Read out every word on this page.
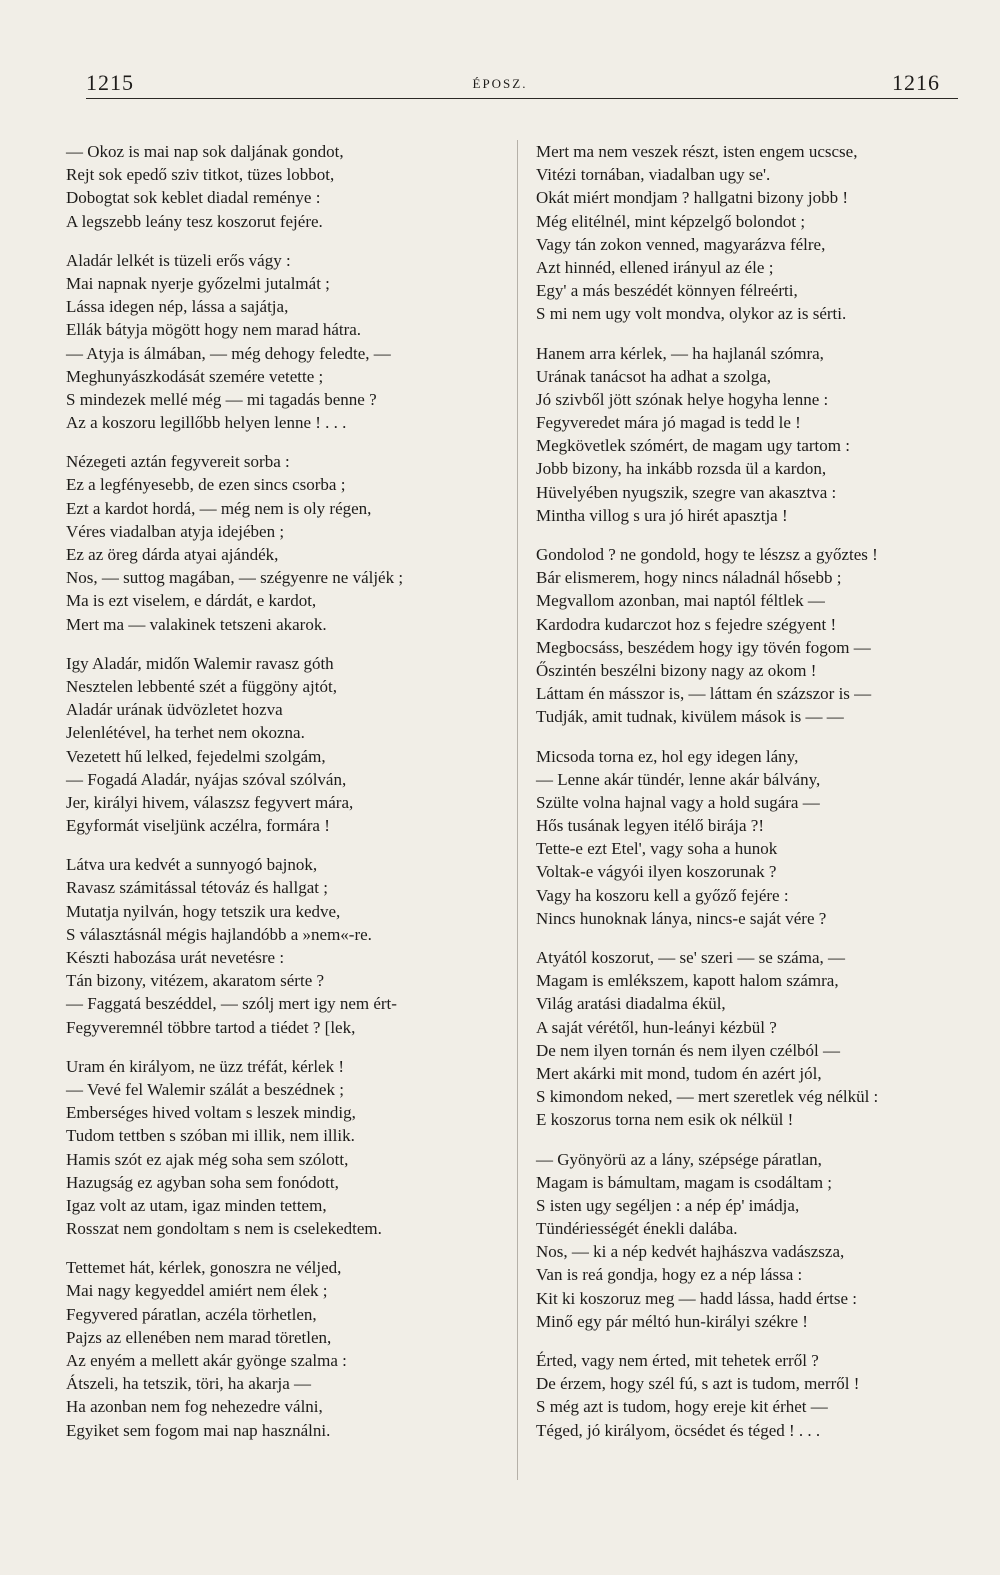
1215	ÉPOSZ.	1216
— Okoz is mai nap sok daljának gondot,
Rejt sok epedő sziv titkot, tüzes lobbot,
Dobogtat sok keblet diadal reménye :
A legszebb leány tesz koszorut fejére.
Aladár lelkét is tüzeli erős vágy :
Mai napnak nyerje győzelmi jutalmát ;
Lássa idegen nép, lássa a sajátja,
Ellák bátyja mögött hogy nem marad hátra.
— Atyja is álmában, — még dehogy feledte, —
Meghunyászkodását szemére vetette ;
S mindezek mellé még — mi tagadás benne ?
Az a koszoru legillőbb helyen lenne ! . . .
Nézegeti aztán fegyvereit sorba :
Ez a legfényesebb, de ezen sincs csorba ;
Ezt a kardot hordá, — még nem is oly régen,
Véres viadalban atyja idejében ;
Ez az öreg dárda atyai ajándék,
Nos, — suttog magában, — szégyenre ne váljék ;
Ma is ezt viselem, e dárdát, e kardot,
Mert ma — valakinek tetszeni akarok.
Igy Aladár, midőn Walemir ravasz góth
Nesztelen lebbenté szét a függöny ajtót,
Aladár urának üdvözletet hozva
Jelenlétével, ha terhet nem okozna.
Vezetett hű lelked, fejedelmi szolgám,
— Fogadá Aladár, nyájas szóval szólván,
Jer, királyi hivem, válaszsz fegyvert mára,
Egyformát viseljünk aczélra, formára !
Látva ura kedvét a sunnyogó bajnok,
Ravasz számitással tétováz és hallgat ;
Mutatja nyilván, hogy tetszik ura kedve,
S választásnál mégis hajlandóbb a »nem«-re.
Készti habozása urát nevetésre :
Tán bizony, vitézem, akaratom sérte ?
— Faggatá beszéddel, — szólj mert igy nem ért-
Fegyveremnél többre tartod a tiédet ? [lek,
Uram én királyom, ne üzz tréfát, kérlek !
— Vevé fel Walemir szálát a beszédnek ;
Emberséges hived voltam s leszek mindig,
Tudom tettben s szóban mi illik, nem illik.
Hamis szót ez ajak még soha sem szólott,
Hazugság ez agyban soha sem fonódott,
Igaz volt az utam, igaz minden tettem,
Rosszat nem gondoltam s nem is cselekedtem.
Tettemet hát, kérlek, gonoszra ne véljed,
Mai nagy kegyeddel amiért nem élek ;
Fegyvered páratlan, aczéla törhetlen,
Pajzs az ellenében nem marad töretlen,
Az enyém a mellett akár gyönge szalma :
Átszeli, ha tetszik, töri, ha akarja —
Ha azonban nem fog nehezedre válni,
Egyiket sem fogom mai nap használni.
Mert ma nem veszek részt, isten engem ucscse,
Vitézi tornában, viadalban ugy se'.
Okát miért mondjam ? hallgatni bizony jobb !
Még elitélnél, mint képzelgő bolondot ;
Vagy tán zokon venned, magyarázva félre,
Azt hinnéd, ellened irányul az éle ;
Egy' a más beszédét könnyen félreérti,
S mi nem ugy volt mondva, olykor az is sérti.
Hanem arra kérlek, — ha hajlanál szómra,
Urának tanácsot ha adhat a szolga,
Jó szivből jött szónak helye hogyha lenne :
Fegyveredet mára jó magad is tedd le !
Megkövetlek szómért, de magam ugy tartom :
Jobb bizony, ha inkább rozsda ül a kardon,
Hüvelyében nyugszik, szegre van akasztva :
Mintha villog s ura jó hirét apasztja !
Gondolod ? ne gondold, hogy te lészsz a győztes !
Bár elismerem, hogy nincs náladnál hősebb ;
Megvallom azonban, mai naptól féltlek —
Kardodra kudarczot hoz s fejedre szégyent !
Megbocsáss, beszédem hogy igy tövén fogom —
Őszintén beszélni bizony nagy az okom !
Láttam én másszor is, — láttam én százszor is —
Tudják, amit tudnak, kivülem mások is — —
Micsoda torna ez, hol egy idegen lány,
— Lenne akár tündér, lenne akár bálvány,
Szülte volna hajnal vagy a hold sugára —
Hős tusának legyen itélő birája ?!
Tette-e ezt Etel', vagy soha a hunok
Voltak-e vágyói ilyen koszorunak ?
Vagy ha koszoru kell a győző fejére :
Nincs hunoknak lánya, nincs-e saját vére ?
Atyától koszorut, — se' szeri — se száma, —
Magam is emlékszem, kapott halom számra,
Világ aratási diadalma ékül,
A saját vérétől, hun-leányi kézbül ?
De nem ilyen tornán és nem ilyen czélból —
Mert akárki mit mond, tudom én azért jól,
S kimondom neked, — mert szeretlek vég nélkül :
E koszorus torna nem esik ok nélkül !
— Gyönyörü az a lány, szépsége páratlan,
Magam is bámultam, magam is csodáltam ;
S isten ugy segéljen : a nép ép' imádja,
Tündériességét énekli dalába.
Nos, — ki a nép kedvét hajhászva vadászsza,
Van is reá gondja, hogy ez a nép lássa :
Kit ki koszoruz meg — hadd lássa, hadd értse :
Minő egy pár méltó hun-királyi székre !
Érted, vagy nem érted, mit tehetek erről ?
De érzem, hogy szél fú, s azt is tudom, merről !
S még azt is tudom, hogy ereje kit érhet —
Téged, jó királyom, öcsédet és téged ! . . .
